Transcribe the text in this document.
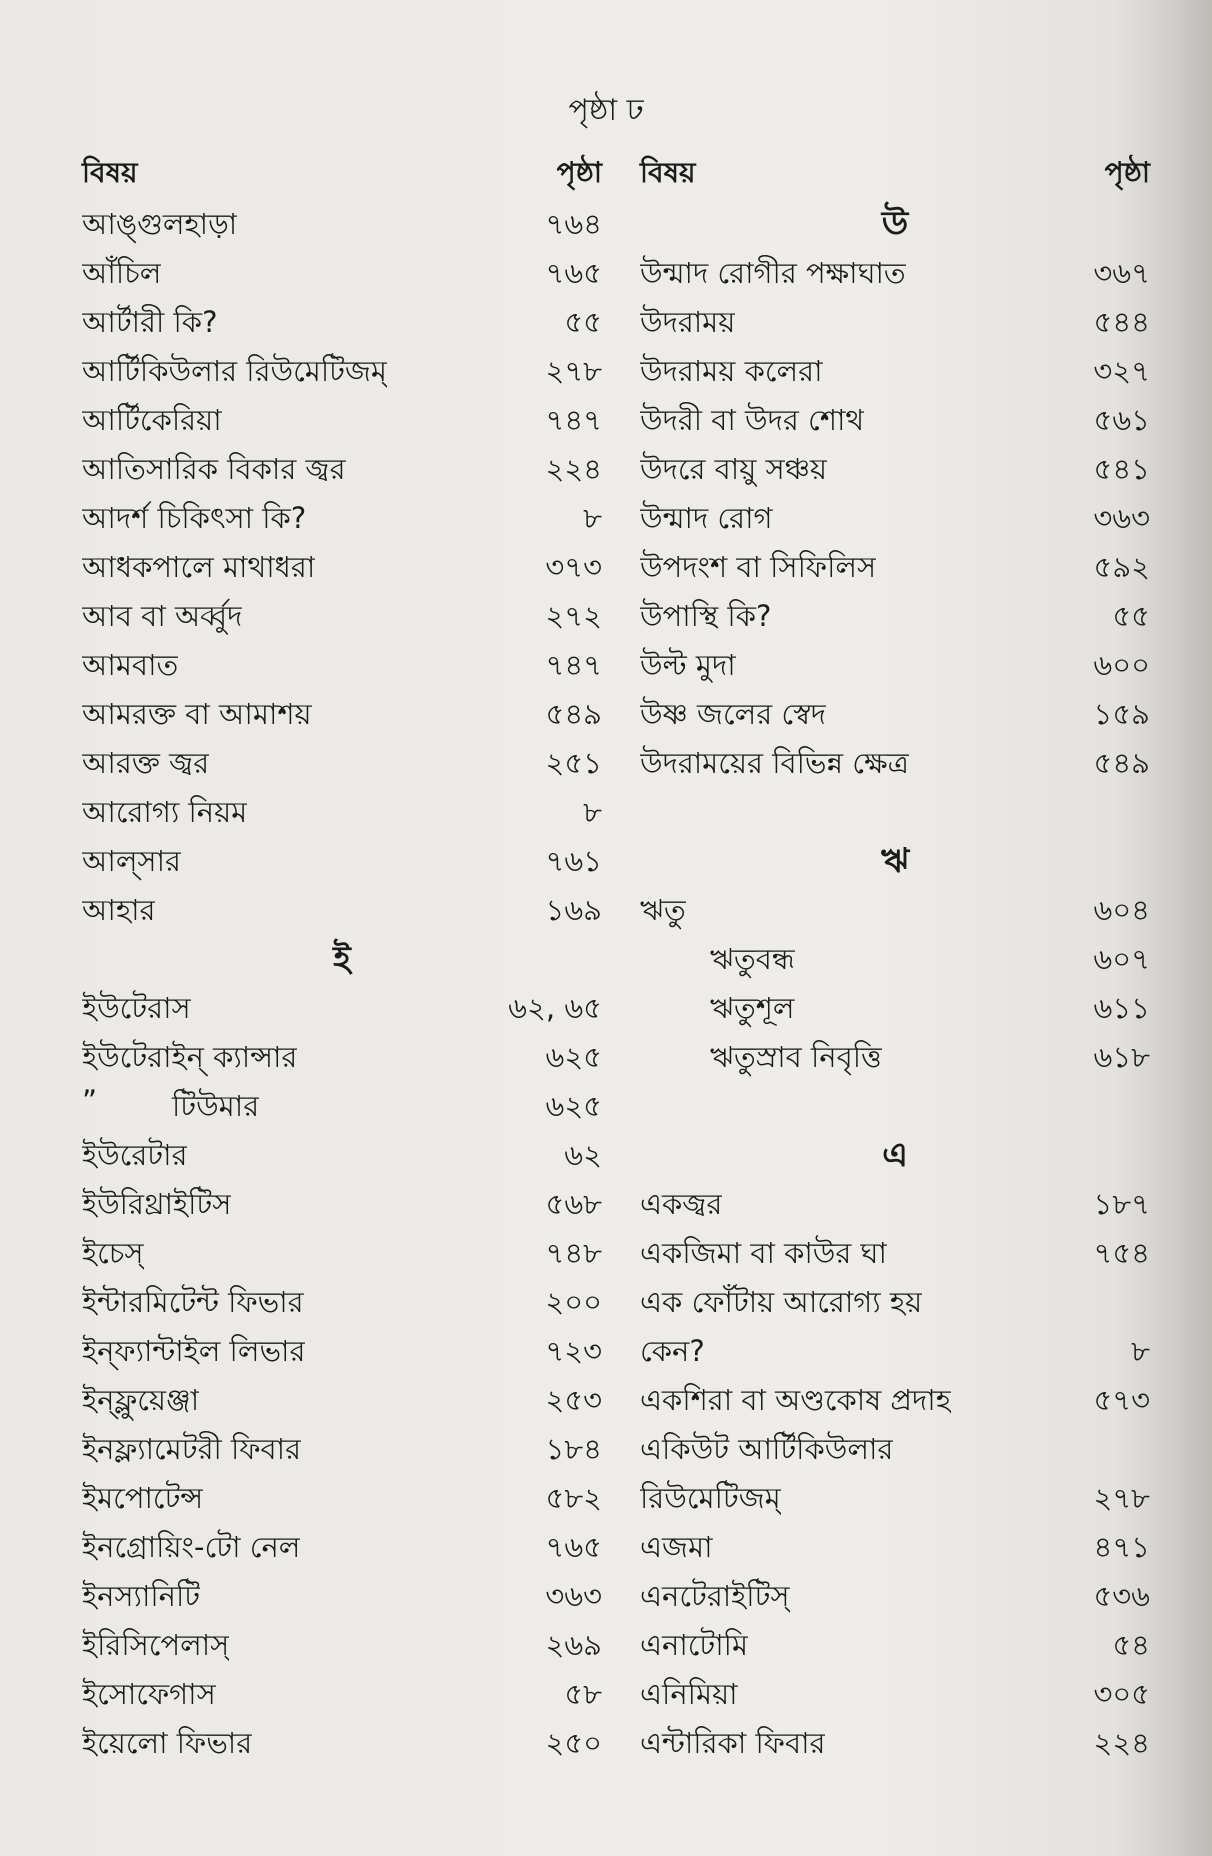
পৃষ্ঠা ঢ
বিষয়	পৃষ্ঠা
আঙ্গুলহাড়া	৭৬৪
আঁচিল	৭৬৫
আর্টারী কি?	৫৫
আর্টিকিউলার রিউমেটিজম্	২৭৮
আর্টিকেরিয়া	৭৪৭
আতিসারিক বিকার জ্বর	২২৪
আদর্শ চিকিৎসা কি?	৮
আধকপালে মাথাধরা	৩৭৩
আব বা অর্ব্বুদ	২৭২
আমবাত	৭৪৭
আমরক্ত বা আমাশয়	৫৪৯
আরক্ত জ্বর	২৫১
আরোগ্য নিয়ম	৮
আল্‌সার	৭৬১
আহার	১৬৯
ই
ইউটেরাস	৬২, ৬৫
ইউটেরাইন্ ক্যান্সার	৬২৫
”	টিউমার	৬২৫
ইউরেটার	৬২
ইউরিথ্রাইটিস	৫৬৮
ইচেস্	৭৪৮
ইন্টারমিটেন্ট ফিভার	২০০
ইন্‌ফ্যান্টাইল লিভার	৭২৩
ইন্‌ফ্লুয়েঞ্জা	২৫৩
ইনফ্ল্যামেটরী ফিবার	১৮৪
ইমপোটেন্স	৫৮২
ইনগ্রোয়িং-টো নেল	৭৬৫
ইনস্যানিটি	৩৬৩
ইরিসিপেলাস্	২৬৯
ইসোফেগাস	৫৮
ইয়েলো ফিভার	২৫০
বিষয়	পৃষ্ঠা
উ
উন্মাদ রোগীর পক্ষাঘাত	৩৬৭
উদরাময়	৫৪৪
উদরাময় কলেরা	৩২৭
উদরী বা উদর শোথ	৫৬১
উদরে বায়ু সঞ্চয়	৫৪১
উন্মাদ রোগ	৩৬৩
উপদংশ বা সিফিলিস	৫৯২
উপাস্থি কি?	৫৫
উল্ট মুদা	৬০০
উষ্ণ জলের স্বেদ	১৫৯
উদরাময়ের বিভিন্ন ক্ষেত্র	৫৪৯
ঋ
ঋতু	৬০৪
ঋতুবন্ধ	৬০৭
ঋতুশূল	৬১১
ঋতুস্রাব নিবৃত্তি	৬১৮
এ
একজ্বর	১৮৭
একজিমা বা কাউর ঘা	৭৫৪
এক ফোঁটায় আরোগ্য হয়
কেন?	৮
একশিরা বা অণ্ডকোষ প্রদাহ	৫৭৩
একিউট আর্টিকিউলার
রিউমেটিজম্	২৭৮
এজমা	৪৭১
এনটেরাইটিস্	৫৩৬
এনাটোমি	৫৪
এনিমিয়া	৩০৫
এন্টারিকা ফিবার	২২৪
